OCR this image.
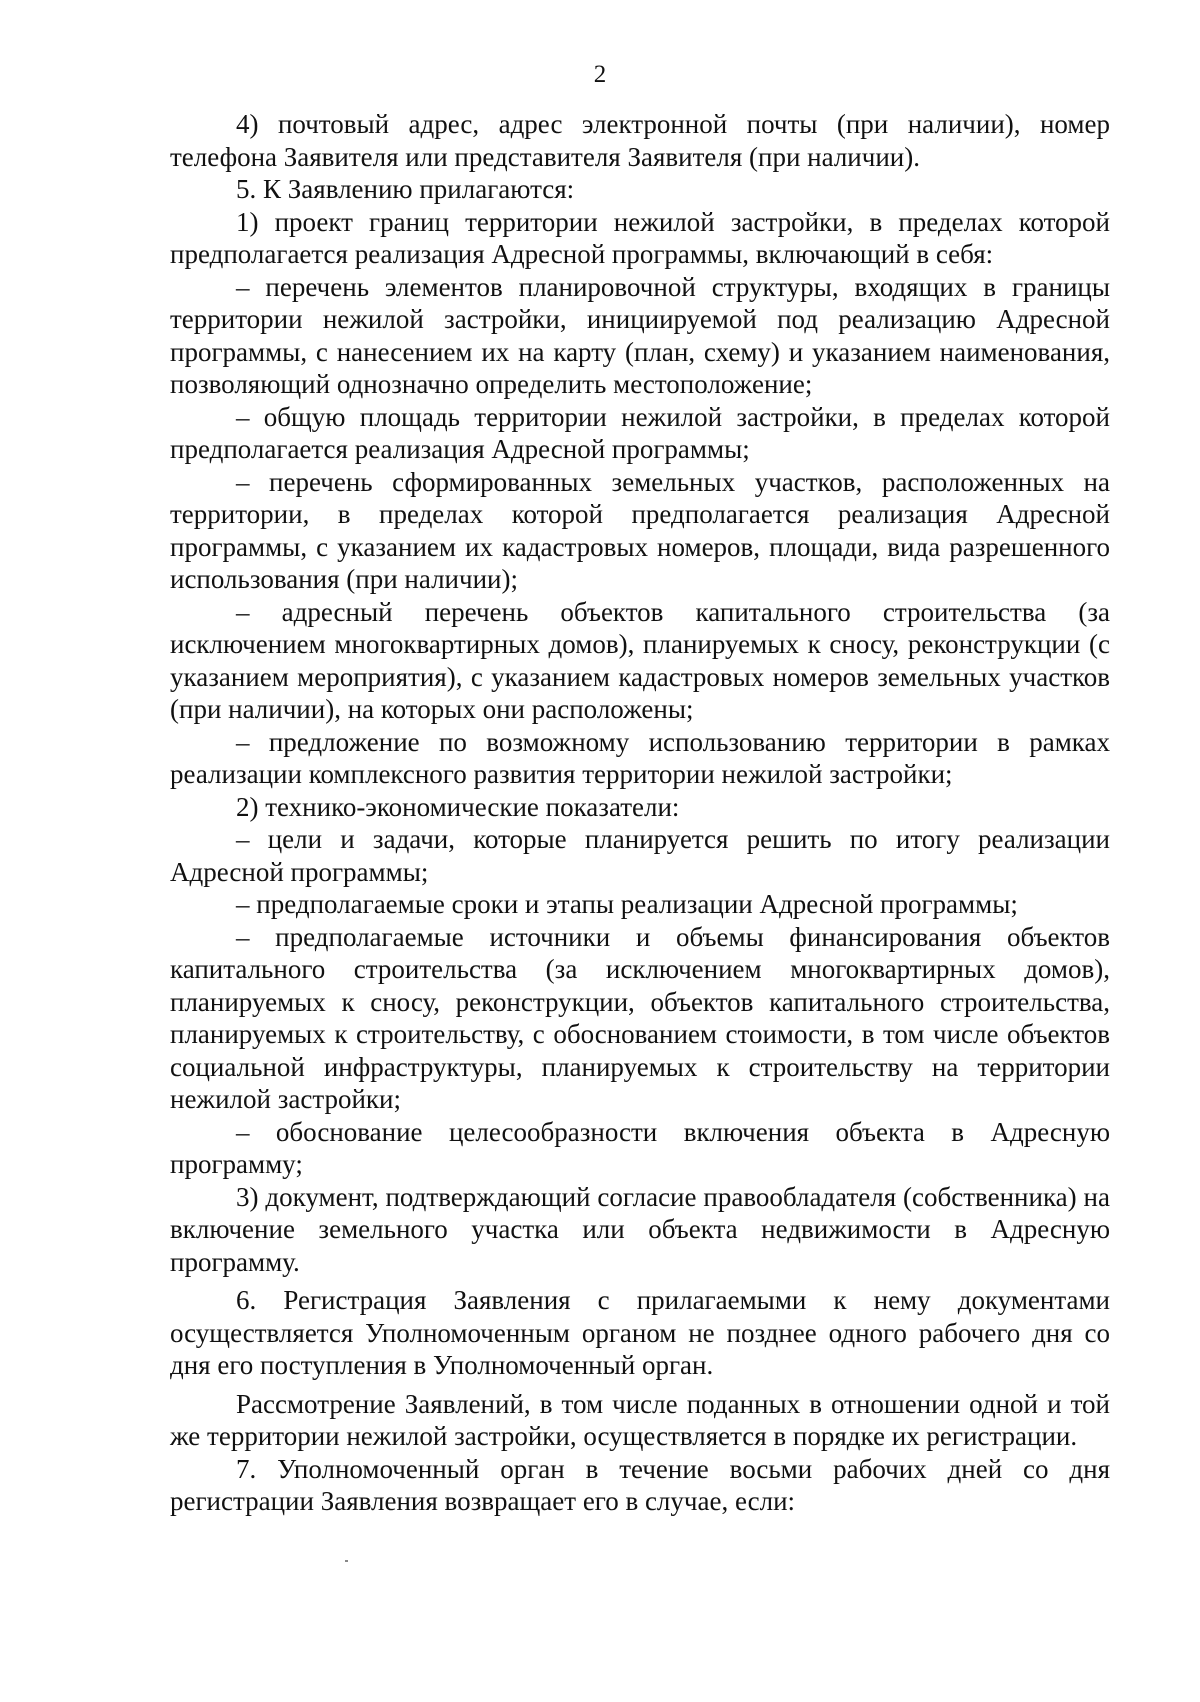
2

4) почтовый адрес, адрес электронной почты (при наличии), номер телефона Заявителя или представителя Заявителя (при наличии).

5. К Заявлению прилагаются:

1) проект границ территории нежилой застройки, в пределах которой предполагается реализация Адресной программы, включающий в себя:

– перечень элементов планировочной структуры, входящих в границы территории нежилой застройки, инициируемой под реализацию Адресной программы, с нанесением их на карту (план, схему) и указанием наименования, позволяющий однозначно определить местоположение;

– общую площадь территории нежилой застройки, в пределах которой предполагается реализация Адресной программы;

– перечень сформированных земельных участков, расположенных на территории, в пределах которой предполагается реализация Адресной программы, с указанием их кадастровых номеров, площади, вида разрешенного использования (при наличии);

– адресный перечень объектов капитального строительства (за исключением многоквартирных домов), планируемых к сносу, реконструкции (с указанием мероприятия), с указанием кадастровых номеров земельных участков (при наличии), на которых они расположены;

– предложение по возможному использованию территории в рамках реализации комплексного развития территории нежилой застройки;

2) технико-экономические показатели:

– цели и задачи, которые планируется решить по итогу реализации Адресной программы;

– предполагаемые сроки и этапы реализации Адресной программы;

– предполагаемые источники и объемы финансирования объектов капитального строительства (за исключением многоквартирных домов), планируемых к сносу, реконструкции, объектов капитального строительства, планируемых к строительству, с обоснованием стоимости, в том числе объектов социальной инфраструктуры, планируемых к строительству на территории нежилой застройки;

– обоснование целесообразности включения объекта в Адресную программу;

3) документ, подтверждающий согласие правообладателя (собственника) на включение земельного участка или объекта недвижимости в Адресную программу.

6. Регистрация Заявления с прилагаемыми к нему документами осуществляется Уполномоченным органом не позднее одного рабочего дня со дня его поступления в Уполномоченный орган.

Рассмотрение Заявлений, в том числе поданных в отношении одной и той же территории нежилой застройки, осуществляется в порядке их регистрации.

7. Уполномоченный орган в течение восьми рабочих дней со дня регистрации Заявления возвращает его в случае, если:
